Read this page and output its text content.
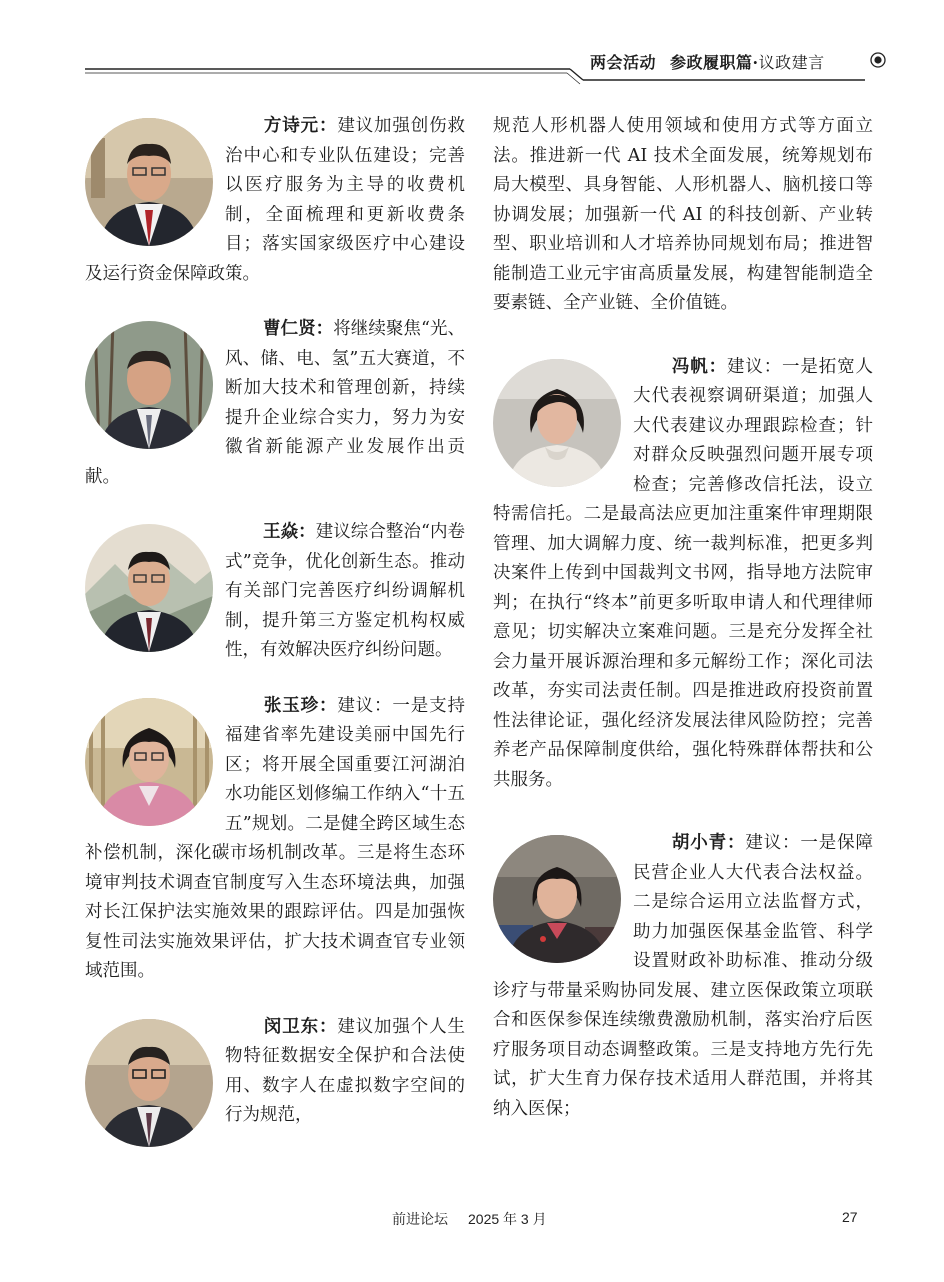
两会活动 参政履职篇·议政建言

方诗元：建议加强创伤救治中心和专业队伍建设；完善以医疗服务为主导的收费机制，全面梳理和更新收费条目；落实国家级医疗中心建设及运行资金保障政策。

曹仁贤：将继续聚焦“光、风、储、电、氢”五大赛道，不断加大技术和管理创新，持续提升企业综合实力，努力为安徽省新能源产业发展作出贡献。

王焱：建议综合整治“内卷式”竞争，优化创新生态。推动有关部门完善医疗纠纷调解机制，提升第三方鉴定机构权威性，有效解决医疗纠纷问题。

张玉珍：建议：一是支持福建省率先建设美丽中国先行区；将开展全国重要江河湖泊水功能区划修编工作纳入“十五五”规划。二是健全跨区域生态补偿机制，深化碳市场机制改革。三是将生态环境审判技术调查官制度写入生态环境法典，加强对长江保护法实施效果的跟踪评估。四是加强恢复性司法实施效果评估，扩大技术调查官专业领域范围。

闵卫东：建议加强个人生物特征数据安全保护和合法使用、数字人在虚拟数字空间的行为规范，

规范人形机器人使用领域和使用方式等方面立法。推进新一代 AI 技术全面发展，统筹规划布局大模型、具身智能、人形机器人、脑机接口等协调发展；加强新一代 AI 的科技创新、产业转型、职业培训和人才培养协同规划布局；推进智能制造工业元宇宙高质量发展，构建智能制造全要素链、全产业链、全价值链。

冯帆：建议：一是拓宽人大代表视察调研渠道；加强人大代表建议办理跟踪检查；针对群众反映强烈问题开展专项检查；完善修改信托法，设立特需信托。二是最高法应更加注重案件审理期限管理、加大调解力度、统一裁判标准，把更多判决案件上传到中国裁判文书网，指导地方法院审判；在执行“终本”前更多听取申请人和代理律师意见；切实解决立案难问题。三是充分发挥全社会力量开展诉源治理和多元解纷工作；深化司法改革，夯实司法责任制。四是推进政府投资前置性法律论证，强化经济发展法律风险防控；完善养老产品保障制度供给，强化特殊群体帮扶和公共服务。

胡小青：建议：一是保障民营企业人大代表合法权益。二是综合运用立法监督方式，助力加强医保基金监管、科学设置财政补助标准、推动分级诊疗与带量采购协同发展、建立医保政策立项联合和医保参保连续缴费激励机制，落实治疗后医疗服务项目动态调整政策。三是支持地方先行先试，扩大生育力保存技术适用人群范围，并将其纳入医保；

前进论坛 2025 年 3 月	27
